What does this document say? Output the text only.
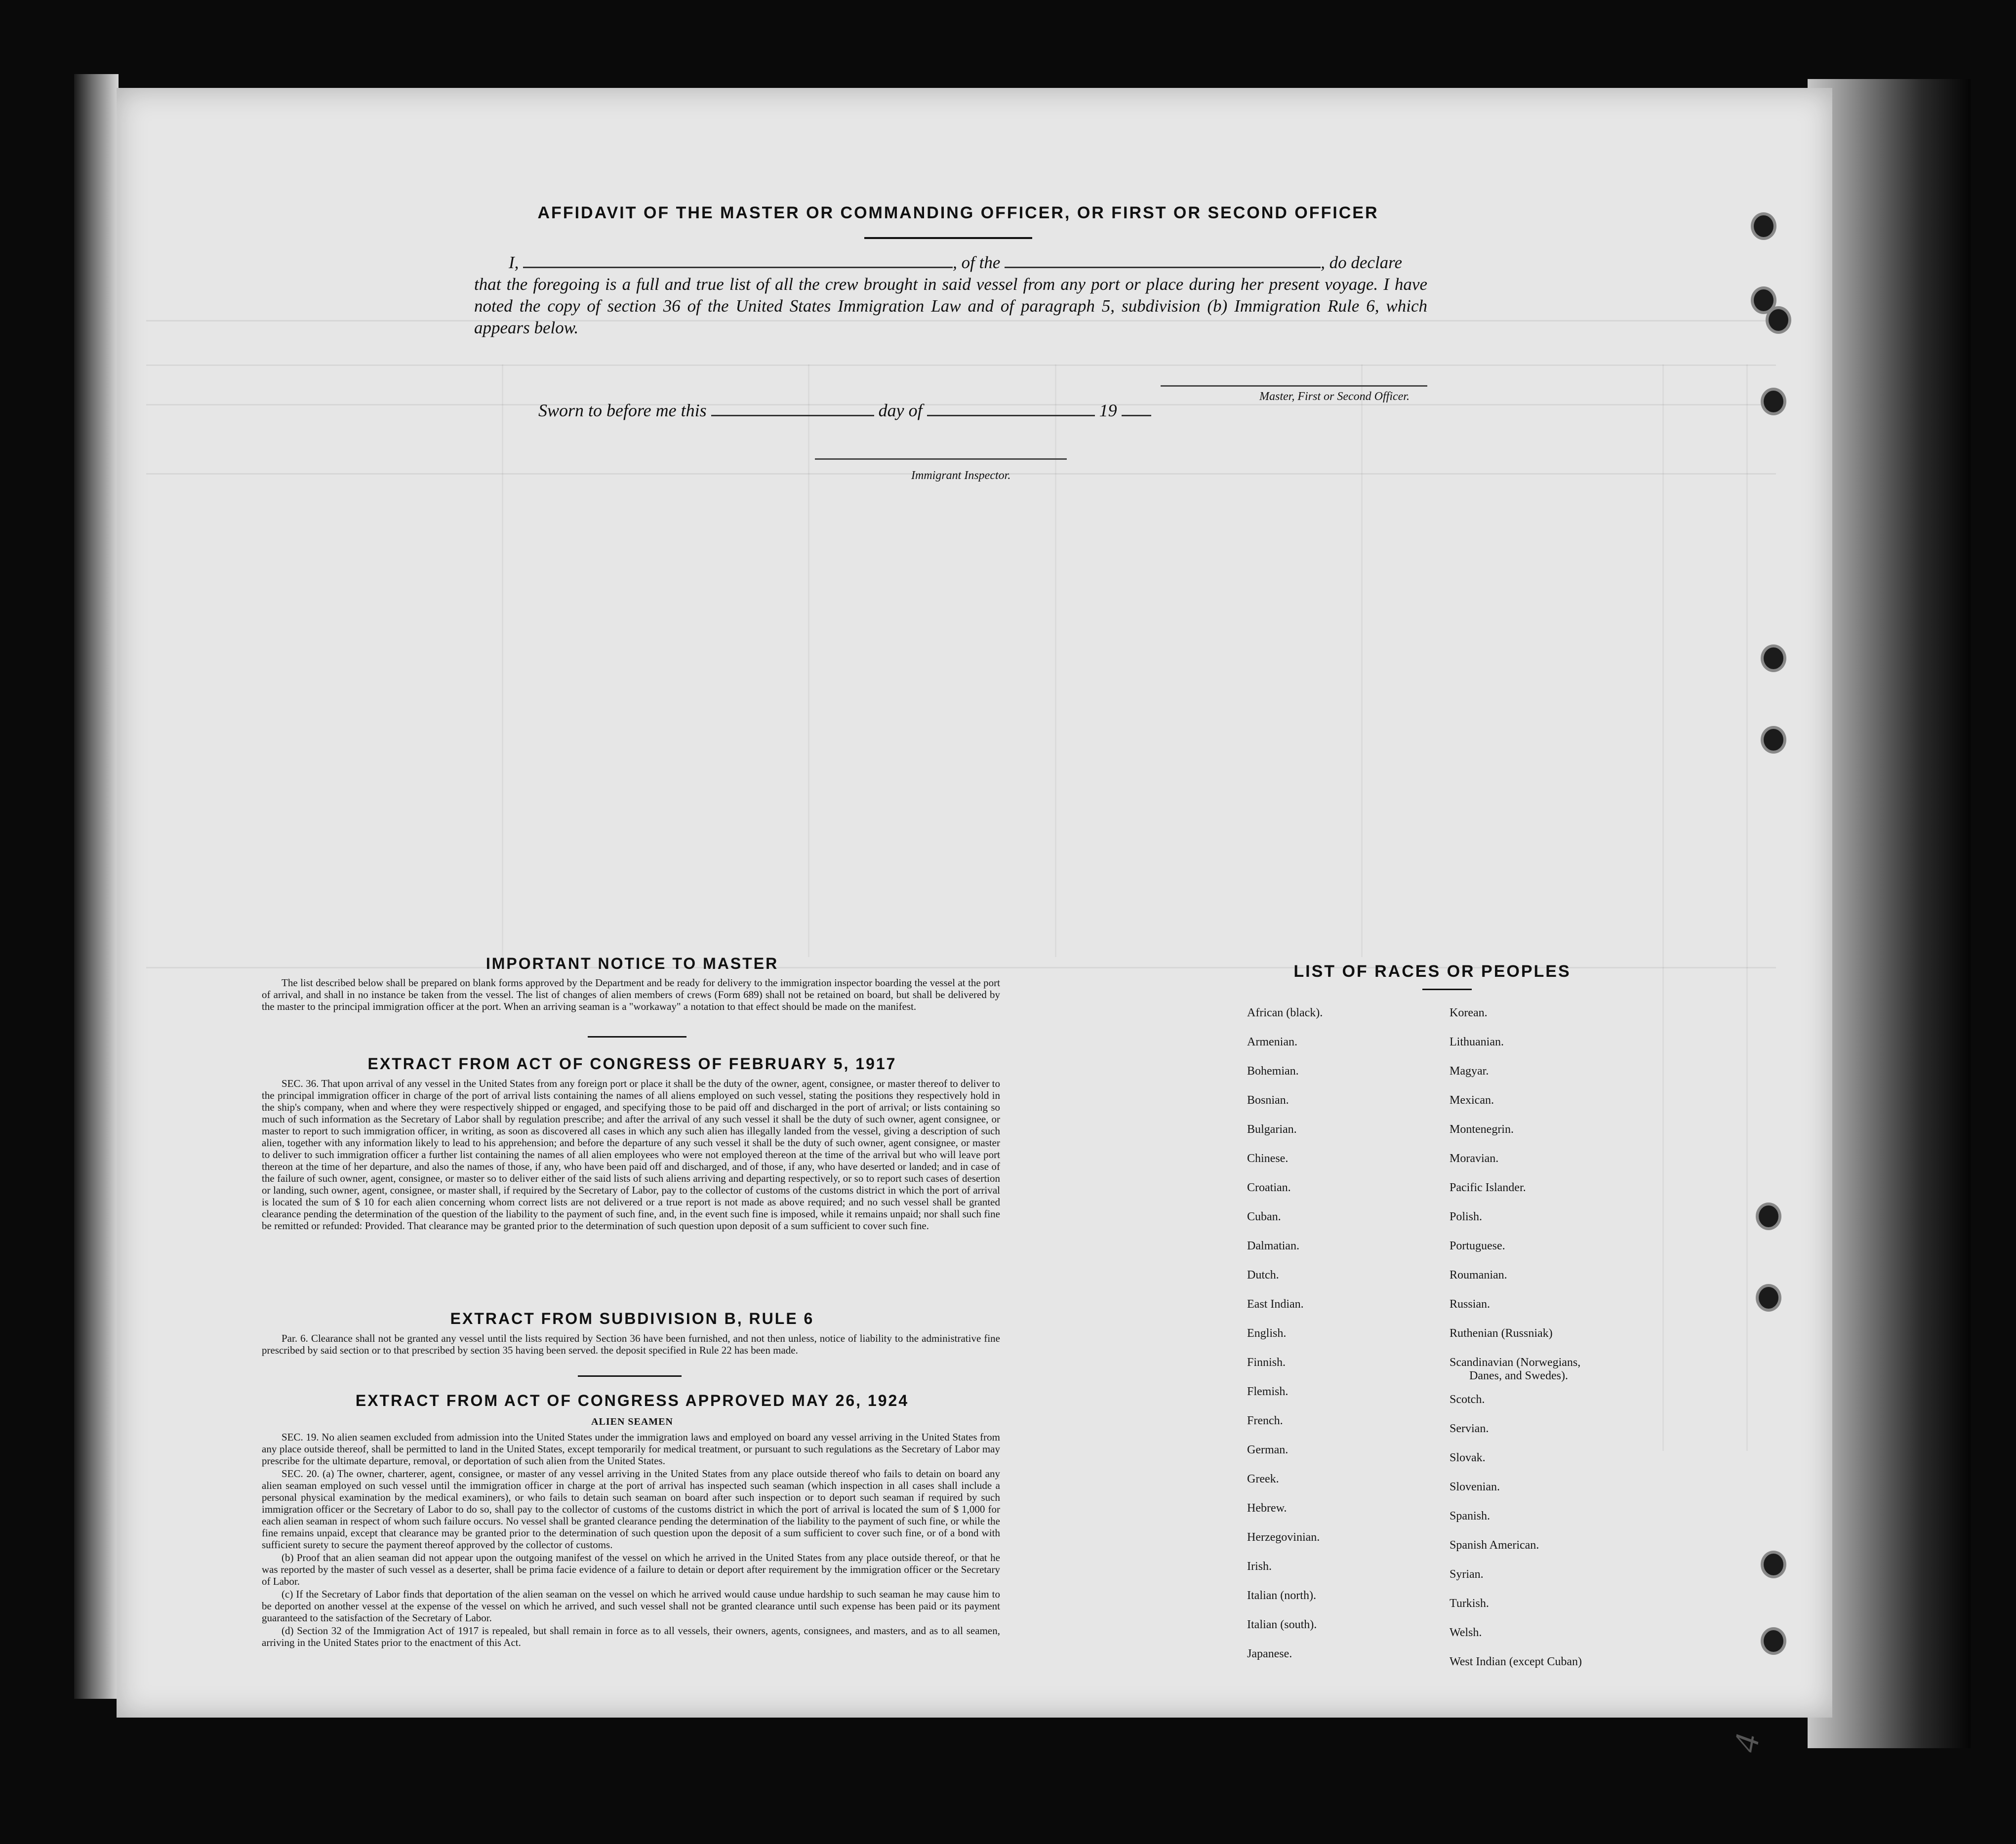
AFFIDAVIT OF THE MASTER OR COMMANDING OFFICER, OR FIRST OR SECOND OFFICER
I,	, of the	, do declare
that the foregoing is a full and true list of all the crew brought in said vessel from any port or place during her present voyage. I have noted the copy of section 36 of the United States Immigration Law and of paragraph 5, subdivision (b) Immigration Rule 6, which appears below.
Master, First or Second Officer.
Sworn to before me this	day of	19
Immigrant Inspector.
IMPORTANT NOTICE TO MASTER
The list described below shall be prepared on blank forms approved by the Department and be ready for delivery to the immigration inspector boarding the vessel at the port of arrival, and shall in no instance be taken from the vessel. The list of changes of alien members of crews (Form 689) shall not be retained on board, but shall be delivered by the master to the principal immigration officer at the port. When an arriving seaman is a "workaway" a notation to that effect should be made on the manifest.
EXTRACT FROM ACT OF CONGRESS OF FEBRUARY 5, 1917
SEC. 36. That upon arrival of any vessel in the United States from any foreign port or place it shall be the duty of the owner, agent, consignee, or master thereof to deliver to the principal immigration officer in charge of the port of arrival lists containing the names of all aliens employed on such vessel, stating the positions they respectively hold in the ship's company, when and where they were respectively shipped or engaged, and specifying those to be paid off and discharged in the port of arrival; or lists containing so much of such information as the Secretary of Labor shall by regulation prescribe; and after the arrival of any such vessel it shall be the duty of such owner, agent consignee, or master to report to such immigration officer, in writing, as soon as discovered all cases in which any such alien has illegally landed from the vessel, giving a description of such alien, together with any information likely to lead to his apprehension; and before the departure of any such vessel it shall be the duty of such owner, agent consignee, or master to deliver to such immigration officer a further list containing the names of all alien employees who were not employed thereon at the time of the arrival but who will leave port thereon at the time of her departure, and also the names of those, if any, who have been paid off and discharged, and of those, if any, who have deserted or landed; and in case of the failure of such owner, agent, consignee, or master so to deliver either of the said lists of such aliens arriving and departing respectively, or so to report such cases of desertion or landing, such owner, agent, consignee, or master shall, if required by the Secretary of Labor, pay to the collector of customs of the customs district in which the port of arrival is located the sum of $ 10 for each alien concerning whom correct lists are not delivered or a true report is not made as above required; and no such vessel shall be granted clearance pending the determination of the question of the liability to the payment of such fine, and, in the event such fine is imposed, while it remains unpaid; nor shall such fine be remitted or refunded: Provided. That clearance may be granted prior to the determination of such question upon deposit of a sum sufficient to cover such fine.
EXTRACT FROM SUBDIVISION B, RULE 6
Par. 6. Clearance shall not be granted any vessel until the lists required by Section 36 have been furnished, and not then unless, notice of liability to the administrative fine prescribed by said section or to that prescribed by section 35 having been served. the deposit specified in Rule 22 has been made.
EXTRACT FROM ACT OF CONGRESS APPROVED MAY 26, 1924
ALIEN SEAMEN

SEC. 19. No alien seamen excluded from admission into the United States under the immigration laws and employed on board any vessel arriving in the United States from any place outside thereof, shall be permitted to land in the United States, except temporarily for medical treatment, or pursuant to such regulations as the Secretary of Labor may prescribe for the ultimate departure, removal, or deportation of such alien from the United States.

SEC. 20. (a) The owner, charterer, agent, consignee, or master of any vessel arriving in the United States from any place outside thereof who fails to detain on board any alien seaman employed on such vessel until the immigration officer in charge at the port of arrival has inspected such seaman (which inspection in all cases shall include a personal physical examination by the medical examiners), or who fails to detain such seaman on board after such inspection or to deport such seaman if required by such immigration officer or the Secretary of Labor to do so, shall pay to the collector of customs of the customs district in which the port of arrival is located the sum of $ 1,000 for each alien seaman in respect of whom such failure occurs. No vessel shall be granted clearance pending the determination of the liability to the payment of such fine, or while the fine remains unpaid, except that clearance may be granted prior to the determination of such question upon the deposit of a sum sufficient to cover such fine, or of a bond with sufficient surety to secure the payment thereof approved by the collector of customs.

(b) Proof that an alien seaman did not appear upon the outgoing manifest of the vessel on which he arrived in the United States from any place outside thereof, or that he was reported by the master of such vessel as a deserter, shall be prima facie evidence of a failure to detain or deport after requirement by the immigration officer or the Secretary of Labor.

(c) If the Secretary of Labor finds that deportation of the alien seaman on the vessel on which he arrived would cause undue hardship to such seaman he may cause him to be deported on another vessel at the expense of the vessel on which he arrived, and such vessel shall not be granted clearance until such expense has been paid or its payment guaranteed to the satisfaction of the Secretary of Labor.

(d) Section 32 of the Immigration Act of 1917 is repealed, but shall remain in force as to all vessels, their owners, agents, consignees, and masters, and as to all seamen, arriving in the United States prior to the enactment of this Act.

LIST OF RACES OR PEOPLES
African (black).
Armenian.
Bohemian.
Bosnian.
Bulgarian.
Chinese.
Croatian.
Cuban.
Dalmatian.
Dutch.
East Indian.
English.
Finnish.
Flemish.
French.
German.
Greek.
Hebrew.
Herzegovinian.
Irish.
Italian (north).
Italian (south).
Japanese.
Korean.
Lithuanian.
Magyar.
Mexican.
Montenegrin.
Moravian.
Pacific Islander.
Polish.
Portuguese.
Roumanian.
Russian.
Ruthenian (Russniak)
Scandinavian (Norwegians,
Danes, and Swedes).
Scotch.
Servian.
Slovak.
Slovenian.
Spanish.
Spanish American.
Syrian.
Turkish.
Welsh.
West Indian (except Cuban)
4
